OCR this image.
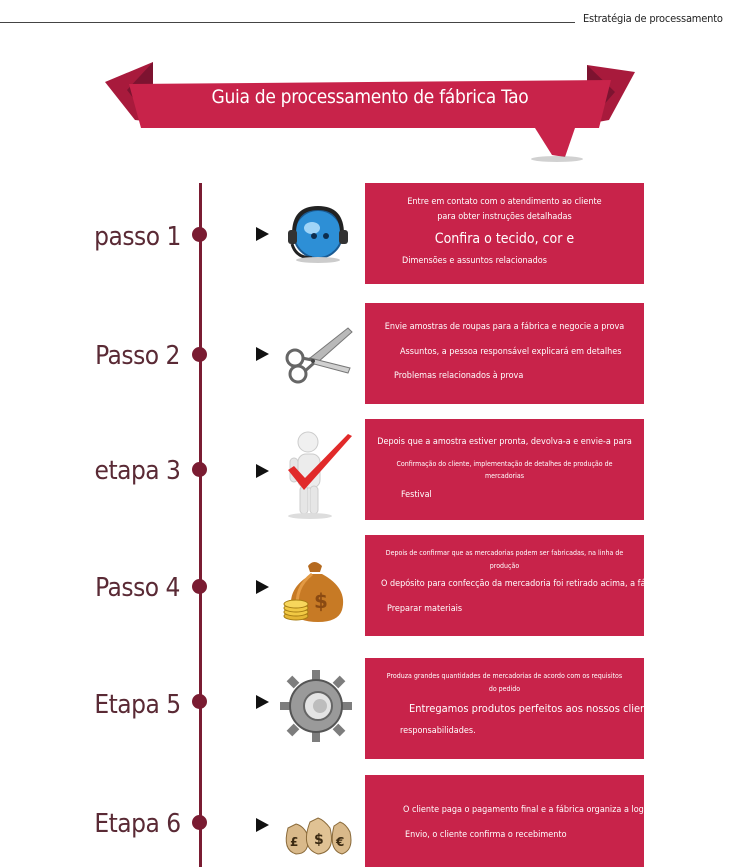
Estratégia de processamento
Guia de processamento de fábrica Tao
passo 1
Passo 2
etapa 3
Passo 4
Etapa 5
Etapa 6
$
£ $ €

Entre em contato com o atendimento ao cliente

para obter instruções detalhadas

Confira o tecido, cor e

Dimensões e assuntos relacionados

Envie amostras de roupas para a fábrica e negocie a prova

Assuntos, a pessoa responsável explicará em detalhes

Problemas relacionados à prova

Depois que a amostra estiver pronta, devolva-a e envie-a para

Confirmação do cliente, implementação de detalhes de produção de

mercadorias

Festival

Depois de confirmar que as mercadorias podem ser fabricadas, na linha de

produção

O depósito para confecção da mercadoria foi retirado acima, a fábrica

Preparar materiais

Produza grandes quantidades de mercadorias de acordo com os requisitos

do pedido

Entregamos produtos perfeitos aos nossos clientes

responsabilidades.

O cliente paga o pagamento final e a fábrica organiza a logística

Envio, o cliente confirma o recebimento
